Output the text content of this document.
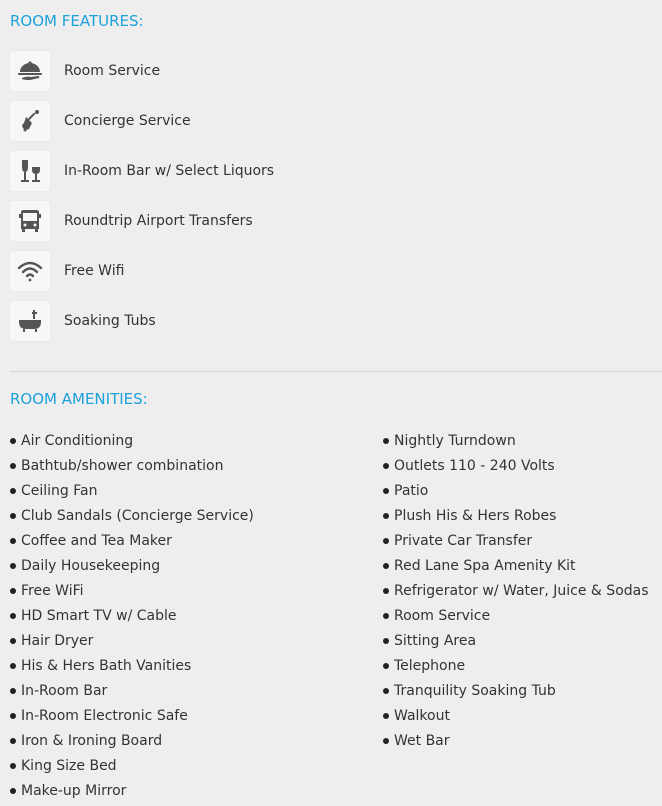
ROOM FEATURES:
Room Service
Concierge Service
In-Room Bar w/ Select Liquors
Roundtrip Airport Transfers
Free Wifi
Soaking Tubs
ROOM AMENITIES:
Air Conditioning
Bathtub/shower combination
Ceiling Fan
Club Sandals (Concierge Service)
Coffee and Tea Maker
Daily Housekeeping
Free WiFi
HD Smart TV w/ Cable
Hair Dryer
His & Hers Bath Vanities
In-Room Bar
In-Room Electronic Safe
Iron & Ironing Board
King Size Bed
Make-up Mirror
Nightly Turndown
Outlets 110 - 240 Volts
Patio
Plush His & Hers Robes
Private Car Transfer
Red Lane Spa Amenity Kit
Refrigerator w/ Water, Juice & Sodas
Room Service
Sitting Area
Telephone
Tranquility Soaking Tub
Walkout
Wet Bar
